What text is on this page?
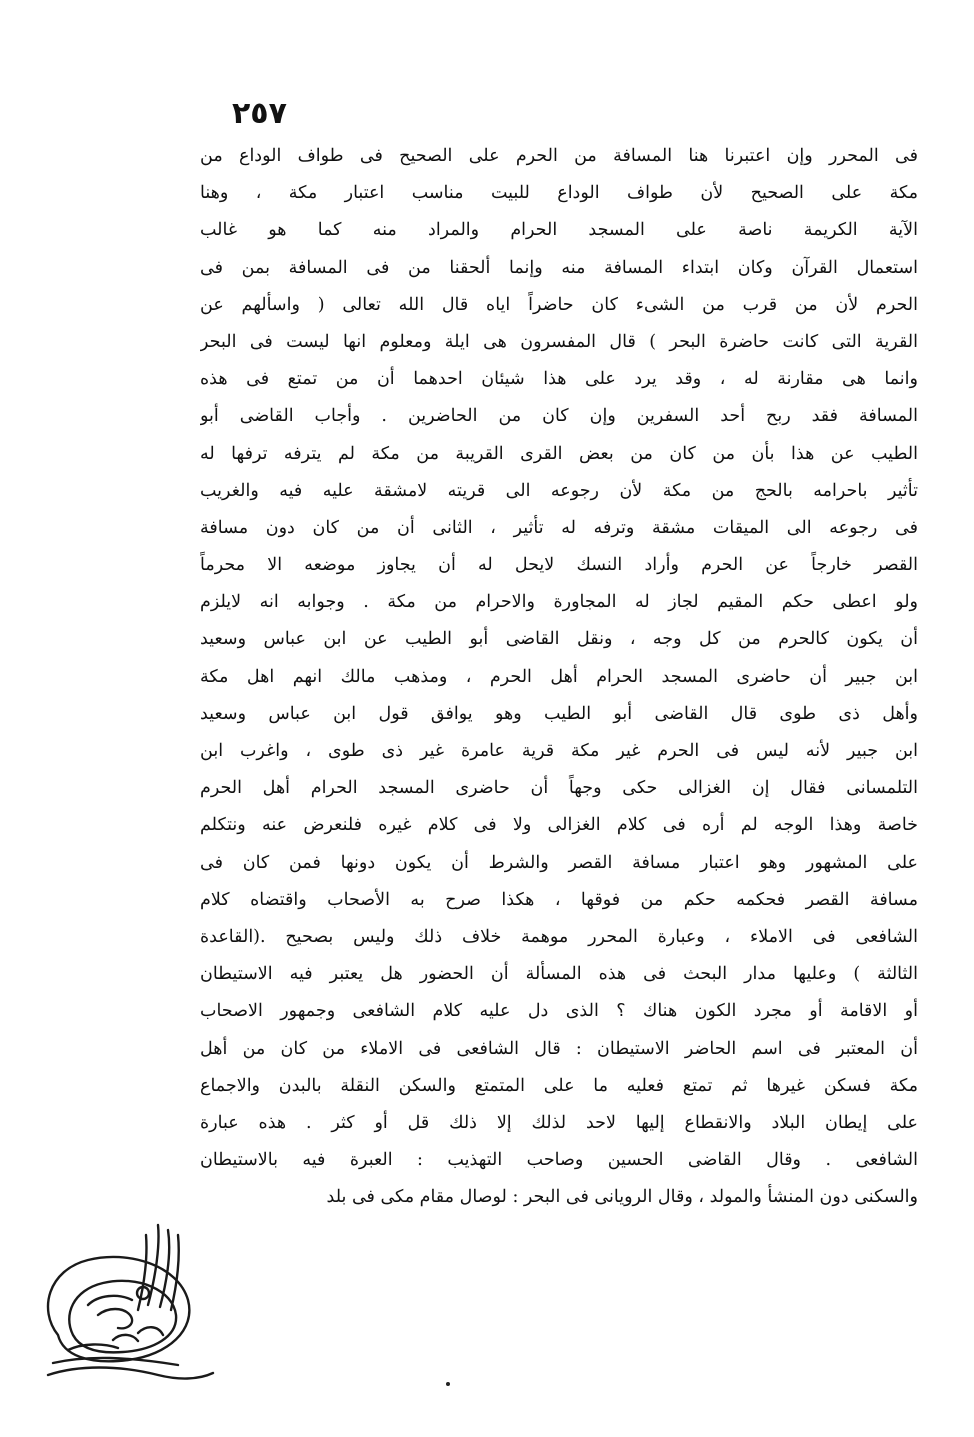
٢٥٧
فى المحرر وإن اعتبرنا هنا المسافة من الحرم على الصحيح فى طواف الوداع من
مكة على الصحيح لأن طواف الوداع للبيت مناسب اعتبار مكة ، وهنا
الآية الكريمة ناصة على المسجد الحرام والمراد منه كما هو غالب
استعمال القرآن وكان ابتداء المسافة منه وإنما ألحقنا من فى المسافة بمن فى
الحرم لأن من قرب من الشىء كان حاضراً اياه قال الله تعالى ( واسألهم عن
القرية التى كانت حاضرة البحر ) قال المفسرون هى ايلة ومعلوم انها ليست فى البحر
وانما هى مقارنة له ، وقد يرد على هذا شيئان احدهما أن من تمتع فى هذه
المسافة فقد ربح أحد السفرين وإن كان من الحاضرين . وأجاب القاضى أبو
الطيب عن هذا بأن من كان من بعض القرى القريبة من مكة لم يترفه ترفها له
تأثير باحرامه بالحج من مكة لأن رجوعه الى قريته لامشقة عليه فيه والغريب
فى رجوعه الى الميقات مشقة وترفه له تأثير ، الثانى أن من كان دون مسافة
القصر خارجاً عن الحرم وأراد النسك لايحل له أن يجاوز موضعه الا محرماً
ولو اعطى حكم المقيم لجاز له المجاورة والاحرام من مكة . وجوابه انه لايلزم
أن يكون كالحرم من كل وجه ، ونقل القاضى أبو الطيب عن ابن عباس وسعيد
ابن جبير أن حاضرى المسجد الحرام أهل الحرم ، ومذهب مالك انهم اهل مكة
وأهل ذى طوى قال القاضى أبو الطيب وهو يوافق قول ابن عباس وسعيد
ابن جبير لأنه ليس فى الحرم غير مكة قرية عامرة غير ذى طوى ، واغرب ابن
التلمسانى فقال إن الغزالى حكى وجهاً أن حاضرى المسجد الحرام أهل الحرم
خاصة وهذا الوجه لم أره فى كلام الغزالى ولا فى كلام غيره فلنعرض عنه ونتكلم
على المشهور وهو اعتبار مسافة القصر والشرط أن يكون دونها فمن كان فى
مسافة القصر فحكمه حكم من فوقها ، هكذا صرح به الأصحاب واقتضاه كلام
الشافعى فى الاملاء ، وعبارة المحرر موهمة خلاف ذلك وليس بصحيح .(القاعدة
الثالثة ) وعليها مدار البحث فى هذه المسألة أن الحضور هل يعتبر فيه الاستيطان
أو الاقامة أو مجرد الكون هناك ؟ الذى دل عليه كلام الشافعى وجمهور الاصحاب
أن المعتبر فى اسم الحاضر الاستيطان : قال الشافعى فى الاملاء من كان من أهل
مكة فسكن غيرها ثم تمتع فعليه ما على المتمتع والسكن النقلة بالبدن والاجماع
على إيطان البلاد والانقطاع إليها لاحد لذلك إلا ذلك قل أو كثر . هذه عبارة
الشافعى . وقال القاضى الحسين وصاحب التهذيب : العبرة فيه بالاستيطان
والسكنى دون المنشأ والمولد ، وقال الرويانى فى البحر : لوصال مقام مكى فى بلد
